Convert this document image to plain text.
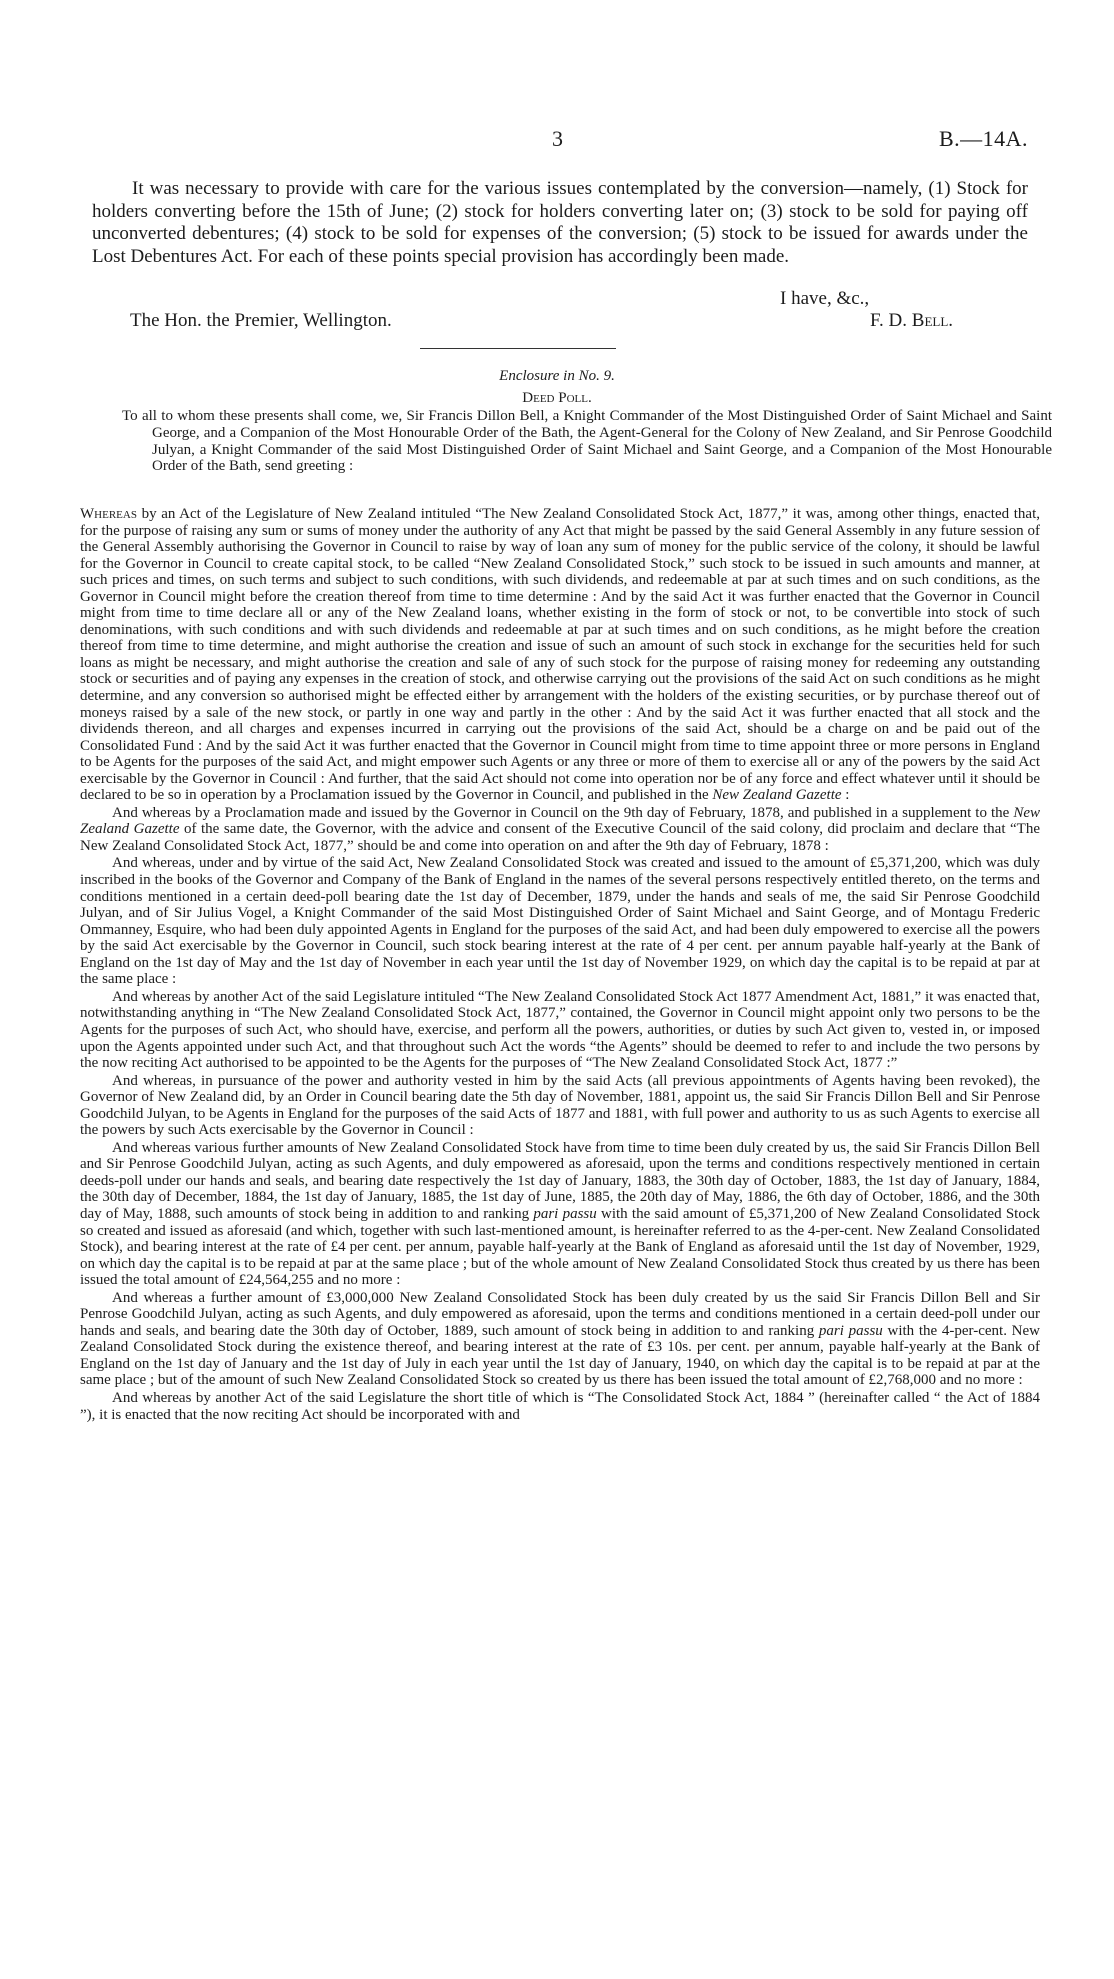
3	B.—14A.

It was necessary to provide with care for the various issues contemplated by the conversion—namely, (1) Stock for holders converting before the 15th of June; (2) stock for holders converting later on; (3) stock to be sold for paying off unconverted debentures; (4) stock to be sold for expenses of the conversion; (5) stock to be issued for awards under the Lost Debentures Act. For each of these points special provision has accordingly been made.

I have, &c.,
The Hon. the Premier, Wellington.	F. D. Bell.
Enclosure in No. 9.
Deed Poll.
To all to whom these presents shall come, we, Sir Francis Dillon Bell, a Knight Commander of the Most Distinguished Order of Saint Michael and Saint George, and a Companion of the Most Honourable Order of the Bath, the Agent-General for the Colony of New Zealand, and Sir Penrose Goodchild Julyan, a Knight Commander of the said Most Distinguished Order of Saint Michael and Saint George, and a Companion of the Most Honourable Order of the Bath, send greeting :

Whereas by an Act of the Legislature of New Zealand intituled “The New Zealand Consolidated Stock Act, 1877,” it was, among other things, enacted that, for the purpose of raising any sum or sums of money under the authority of any Act that might be passed by the said General Assembly in any future session of the General Assembly authorising the Governor in Council to raise by way of loan any sum of money for the public service of the colony, it should be lawful for the Governor in Council to create capital stock, to be called “New Zealand Consolidated Stock,” such stock to be issued in such amounts and manner, at such prices and times, on such terms and subject to such conditions, with such dividends, and redeemable at par at such times and on such conditions, as the Governor in Council might before the creation thereof from time to time determine : And by the said Act it was further enacted that the Governor in Council might from time to time declare all or any of the New Zealand loans, whether existing in the form of stock or not, to be convertible into stock of such denominations, with such conditions and with such dividends and redeemable at par at such times and on such conditions, as he might before the creation thereof from time to time determine, and might authorise the creation and issue of such an amount of such stock in exchange for the securities held for such loans as might be necessary, and might authorise the creation and sale of any of such stock for the purpose of raising money for redeeming any outstanding stock or securities and of paying any expenses in the creation of stock, and otherwise carrying out the provisions of the said Act on such conditions as he might determine, and any conversion so authorised might be effected either by arrangement with the holders of the existing securities, or by purchase thereof out of moneys raised by a sale of the new stock, or partly in one way and partly in the other : And by the said Act it was further enacted that all stock and the dividends thereon, and all charges and expenses incurred in carrying out the provisions of the said Act, should be a charge on and be paid out of the Consolidated Fund : And by the said Act it was further enacted that the Governor in Council might from time to time appoint three or more persons in England to be Agents for the purposes of the said Act, and might empower such Agents or any three or more of them to exercise all or any of the powers by the said Act exercisable by the Governor in Council : And further, that the said Act should not come into operation nor be of any force and effect whatever until it should be declared to be so in operation by a Proclamation issued by the Governor in Council, and published in the New Zealand Gazette :

And whereas by a Proclamation made and issued by the Governor in Council on the 9th day of February, 1878, and published in a supplement to the New Zealand Gazette of the same date, the Governor, with the advice and consent of the Executive Council of the said colony, did proclaim and declare that “The New Zealand Consolidated Stock Act, 1877,” should be and come into operation on and after the 9th day of February, 1878 :

And whereas, under and by virtue of the said Act, New Zealand Consolidated Stock was created and issued to the amount of £5,371,200, which was duly inscribed in the books of the Governor and Company of the Bank of England in the names of the several persons respectively entitled thereto, on the terms and conditions mentioned in a certain deed-poll bearing date the 1st day of December, 1879, under the hands and seals of me, the said Sir Penrose Goodchild Julyan, and of Sir Julius Vogel, a Knight Commander of the said Most Distinguished Order of Saint Michael and Saint George, and of Montagu Frederic Ommanney, Esquire, who had been duly appointed Agents in England for the purposes of the said Act, and had been duly empowered to exercise all the powers by the said Act exercisable by the Governor in Council, such stock bearing interest at the rate of 4 per cent. per annum payable half-yearly at the Bank of England on the 1st day of May and the 1st day of November in each year until the 1st day of November 1929, on which day the capital is to be repaid at par at the same place :

And whereas by another Act of the said Legislature intituled “The New Zealand Consolidated Stock Act 1877 Amendment Act, 1881,” it was enacted that, notwithstanding anything in “The New Zealand Consolidated Stock Act, 1877,” contained, the Governor in Council might appoint only two persons to be the Agents for the purposes of such Act, who should have, exercise, and perform all the powers, authorities, or duties by such Act given to, vested in, or imposed upon the Agents appointed under such Act, and that throughout such Act the words “the Agents” should be deemed to refer to and include the two persons by the now reciting Act authorised to be appointed to be the Agents for the purposes of “The New Zealand Consolidated Stock Act, 1877 :”

And whereas, in pursuance of the power and authority vested in him by the said Acts (all previous appointments of Agents having been revoked), the Governor of New Zealand did, by an Order in Council bearing date the 5th day of November, 1881, appoint us, the said Sir Francis Dillon Bell and Sir Penrose Goodchild Julyan, to be Agents in England for the purposes of the said Acts of 1877 and 1881, with full power and authority to us as such Agents to exercise all the powers by such Acts exercisable by the Governor in Council :

And whereas various further amounts of New Zealand Consolidated Stock have from time to time been duly created by us, the said Sir Francis Dillon Bell and Sir Penrose Goodchild Julyan, acting as such Agents, and duly empowered as aforesaid, upon the terms and conditions respectively mentioned in certain deeds-poll under our hands and seals, and bearing date respectively the 1st day of January, 1883, the 30th day of October, 1883, the 1st day of January, 1884, the 30th day of December, 1884, the 1st day of January, 1885, the 1st day of June, 1885, the 20th day of May, 1886, the 6th day of October, 1886, and the 30th day of May, 1888, such amounts of stock being in addition to and ranking pari passu with the said amount of £5,371,200 of New Zealand Consolidated Stock so created and issued as aforesaid (and which, together with such last-mentioned amount, is hereinafter referred to as the 4-per-cent. New Zealand Consolidated Stock), and bearing interest at the rate of £4 per cent. per annum, payable half-yearly at the Bank of England as aforesaid until the 1st day of November, 1929, on which day the capital is to be repaid at par at the same place ; but of the whole amount of New Zealand Consolidated Stock thus created by us there has been issued the total amount of £24,564,255 and no more :

And whereas a further amount of £3,000,000 New Zealand Consolidated Stock has been duly created by us the said Sir Francis Dillon Bell and Sir Penrose Goodchild Julyan, acting as such Agents, and duly empowered as aforesaid, upon the terms and conditions mentioned in a certain deed-poll under our hands and seals, and bearing date the 30th day of October, 1889, such amount of stock being in addition to and ranking pari passu with the 4-per-cent. New Zealand Consolidated Stock during the existence thereof, and bearing interest at the rate of £3 10s. per cent. per annum, payable half-yearly at the Bank of England on the 1st day of January and the 1st day of July in each year until the 1st day of January, 1940, on which day the capital is to be repaid at par at the same place ; but of the amount of such New Zealand Consolidated Stock so created by us there has been issued the total amount of £2,768,000 and no more :

And whereas by another Act of the said Legislature the short title of which is “The Consolidated Stock Act, 1884 ” (hereinafter called “ the Act of 1884 ”), it is enacted that the now reciting Act should be incorporated with and
